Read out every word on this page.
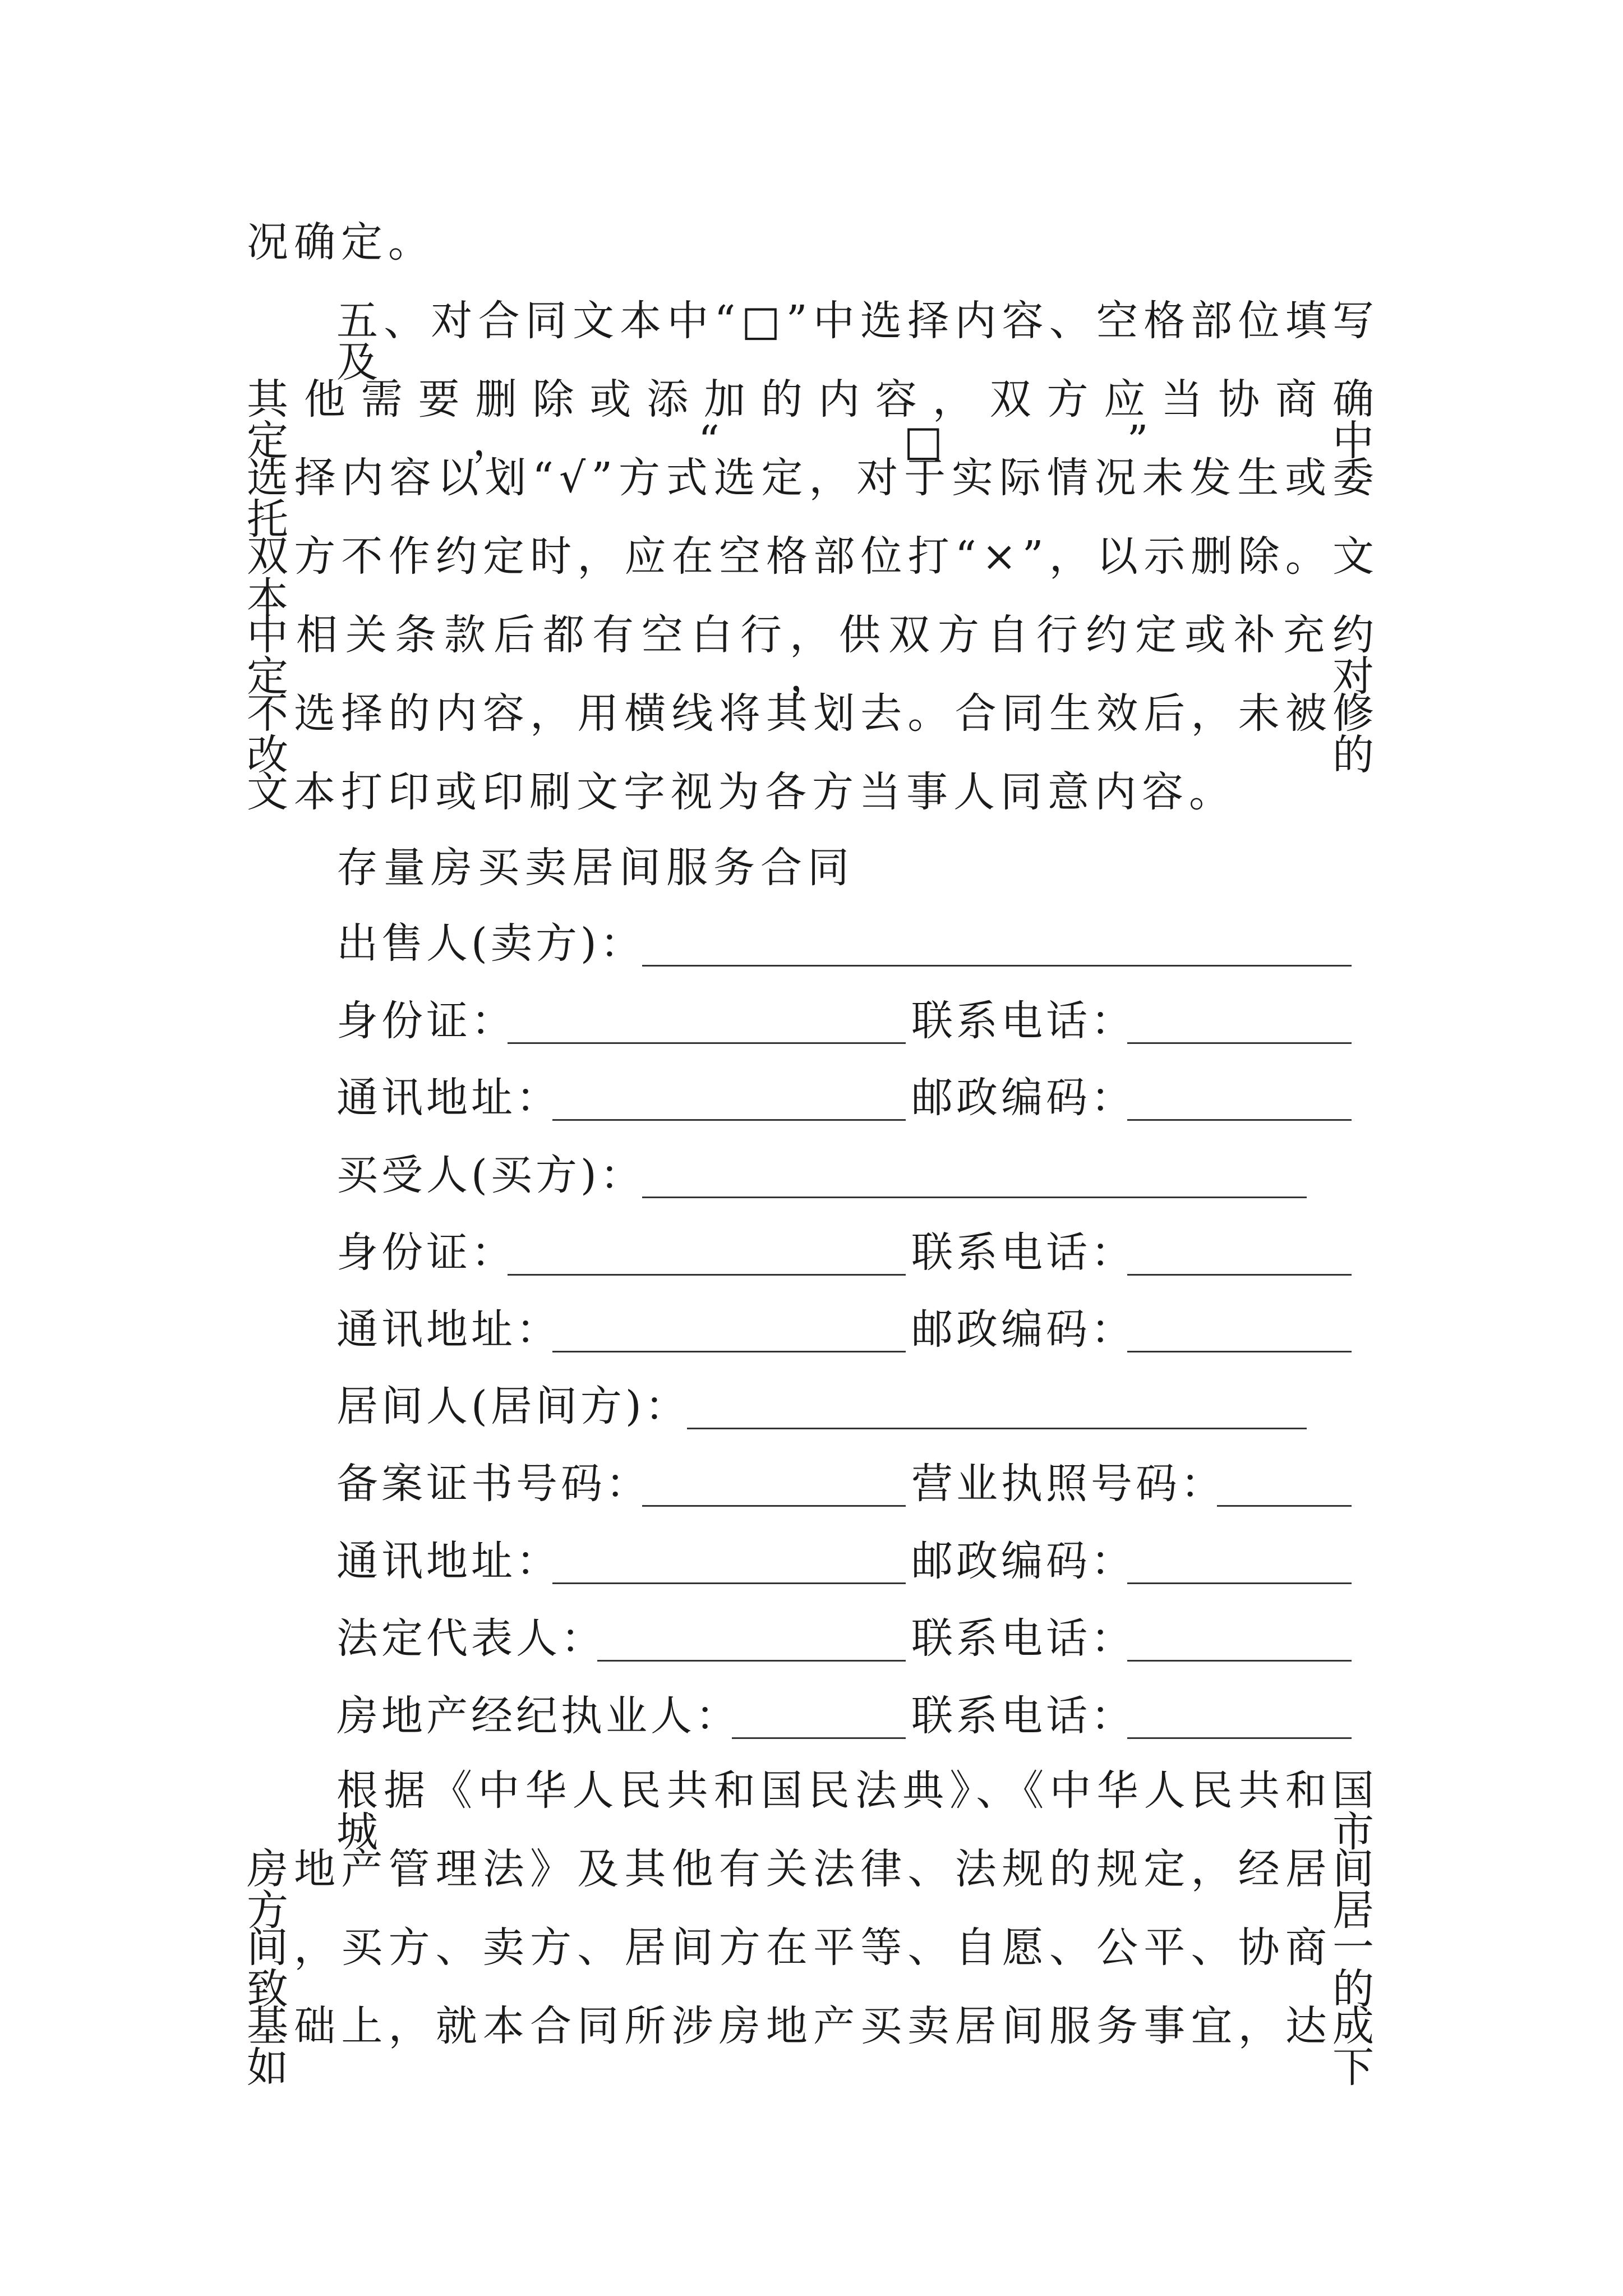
况确定。
五、对合同文本中“□”中选择内容、空格部位填写及
其他需要删除或添加的内容，双方应当协商确定，“□”中
选择内容以划“√”方式选定，对于实际情况未发生或委托
双方不作约定时，应在空格部位打“×”，以示删除。文本
中相关条款后都有空白行，供双方自行约定或补充约定，对
不选择的内容，用横线将其划去。合同生效后，未被修改的
文本打印或印刷文字视为各方当事人同意内容。
存量房买卖居间服务合同
出售人(卖方)：
身份证：	联系电话：
通讯地址：	邮政编码：
买受人(买方)：
身份证：	联系电话：
通讯地址：	邮政编码：
居间人(居间方)：
备案证书号码：	营业执照号码：
通讯地址：	邮政编码：
法定代表人：	联系电话：
房地产经纪执业人：	联系电话：
根据《中华人民共和国民法典》、《中华人民共和国城市
房地产管理法》及其他有关法律、法规的规定，经居间方居
间，买方、卖方、居间方在平等、自愿、公平、协商一致的
基础上，就本合同所涉房地产买卖居间服务事宜，达成如下
